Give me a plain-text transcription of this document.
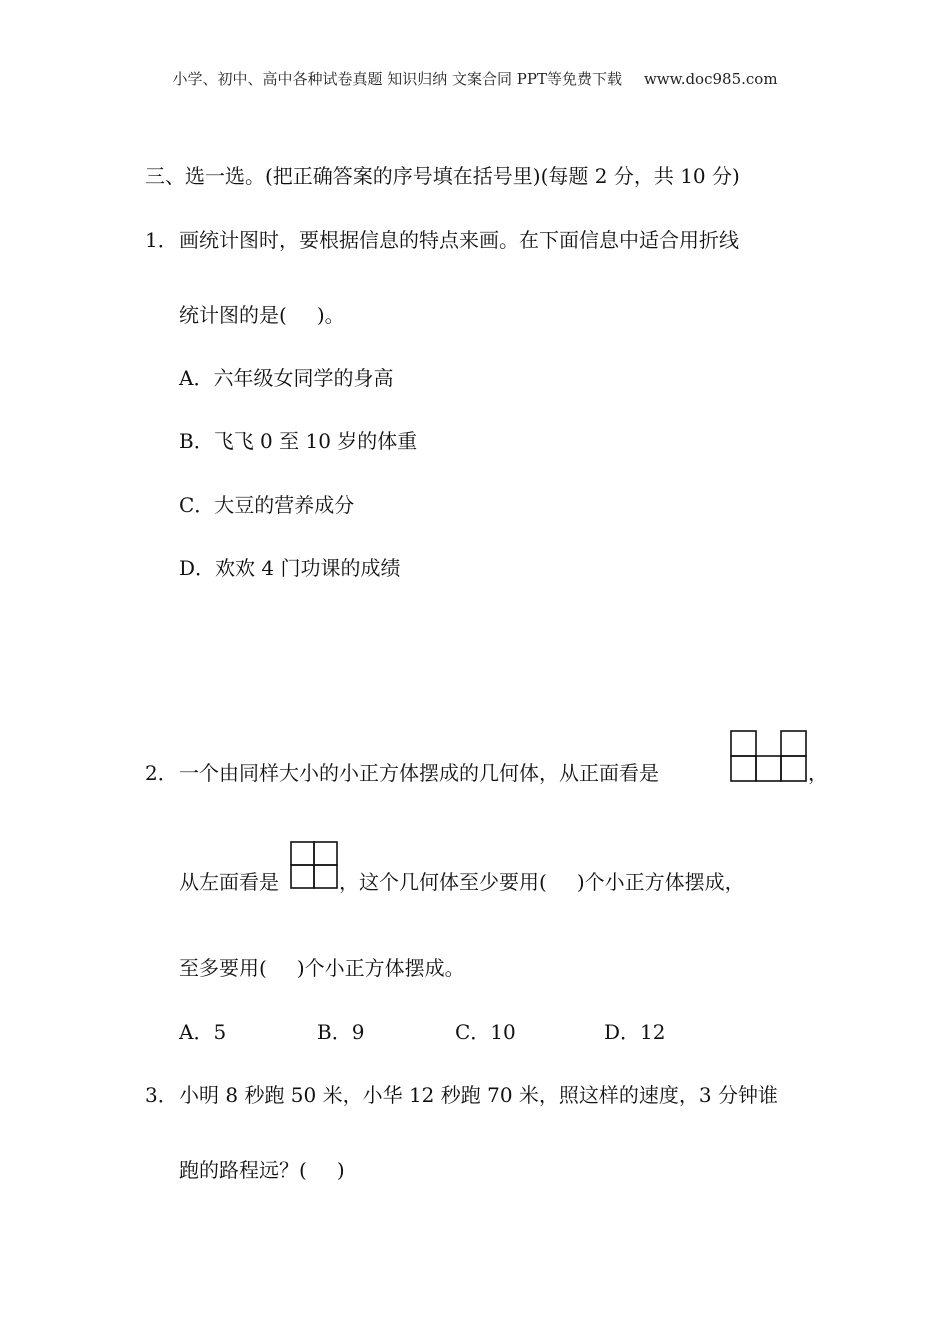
小学、初中、高中各种试卷真题 知识归纳 文案合同 PPT等免费下载 www.doc985.com
三、选一选。(把正确答案的序号填在括号里)(每题 2 分，共 10 分)
1． 画统计图时，要根据信息的特点来画。在下面信息中适合用折线
统计图的是( )。
A．六年级女同学的身高
B．飞飞 0 至 10 岁的体重
C．大豆的营养成分
D．欢欢 4 门功课的成绩
2． 一个由同样大小的小正方体摆成的几何体，从正面看是	，
从左面看是	，这个几何体至少要用( )个小正方体摆成，
至多要用( )个小正方体摆成。
A．5	B．9	C．10	D．12
3． 小明 8 秒跑 50 米，小华 12 秒跑 70 米，照这样的速度，3 分钟谁
跑的路程远？( )
